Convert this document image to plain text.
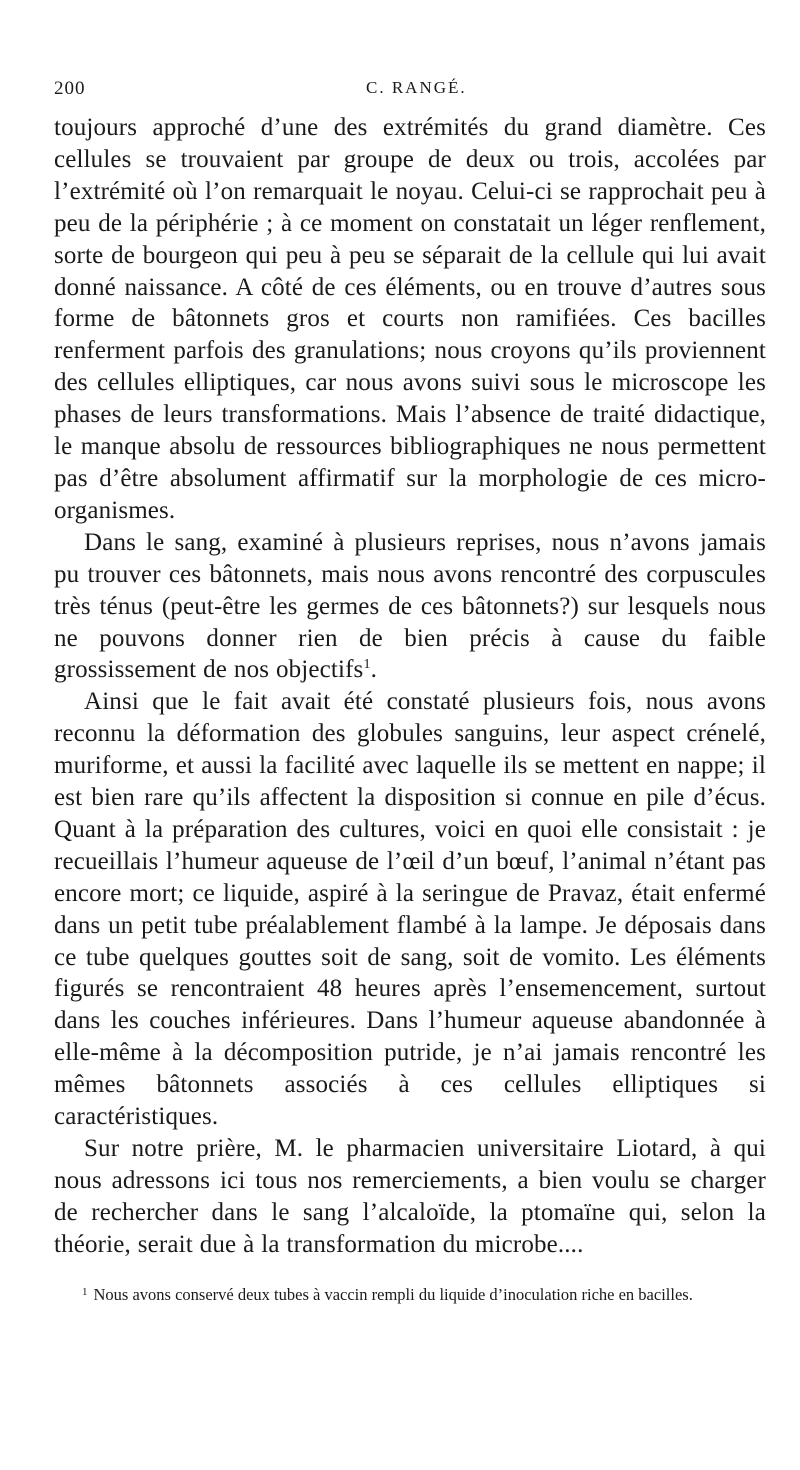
200	C. RANGÉ.

toujours approché d’une des extrémités du grand diamètre. Ces cellules se trouvaient par groupe de deux ou trois, accolées par l’extrémité où l’on remarquait le noyau. Celui-ci se rapprochait peu à peu de la périphérie ; à ce moment on constatait un léger renflement, sorte de bourgeon qui peu à peu se séparait de la cellule qui lui avait donné naissance. A côté de ces éléments, ou en trouve d’autres sous forme de bâtonnets gros et courts non ramifiées. Ces bacilles renferment parfois des granulations; nous croyons qu’ils proviennent des cellules elliptiques, car nous avons suivi sous le microscope les phases de leurs transformations. Mais l’absence de traité didactique, le manque absolu de ressources bibliographiques ne nous permettent pas d’être absolument affirmatif sur la morphologie de ces micro-organismes.

Dans le sang, examiné à plusieurs reprises, nous n’avons jamais pu trouver ces bâtonnets, mais nous avons rencontré des corpuscules très ténus (peut-être les germes de ces bâtonnets?) sur lesquels nous ne pouvons donner rien de bien précis à cause du faible grossissement de nos objectifs$^1$.

Ainsi que le fait avait été constaté plusieurs fois, nous avons reconnu la déformation des globules sanguins, leur aspect crénelé, muriforme, et aussi la facilité avec laquelle ils se mettent en nappe; il est bien rare qu’ils affectent la disposition si connue en pile d’écus. Quant à la préparation des cultures, voici en quoi elle consistait : je recueillais l’humeur aqueuse de l’œil d’un bœuf, l’animal n’étant pas encore mort; ce liquide, aspiré à la seringue de Pravaz, était enfermé dans un petit tube préalablement flambé à la lampe. Je déposais dans ce tube quelques gouttes soit de sang, soit de vomito. Les éléments figurés se rencontraient 48 heures après l’ensemencement, surtout dans les couches inférieures. Dans l’humeur aqueuse abandonnée à elle-même à la décomposition putride, je n’ai jamais rencontré les mêmes bâtonnets associés à ces cellules elliptiques si caractéristiques.

Sur notre prière, M. le pharmacien universitaire Liotard, à qui nous adressons ici tous nos remerciements, a bien voulu se charger de rechercher dans le sang l’alcaloïde, la ptomaïne qui, selon la théorie, serait due à la transformation du microbe....

$^1$ Nous avons conservé deux tubes à vaccin rempli du liquide d’inoculation riche en bacilles.
